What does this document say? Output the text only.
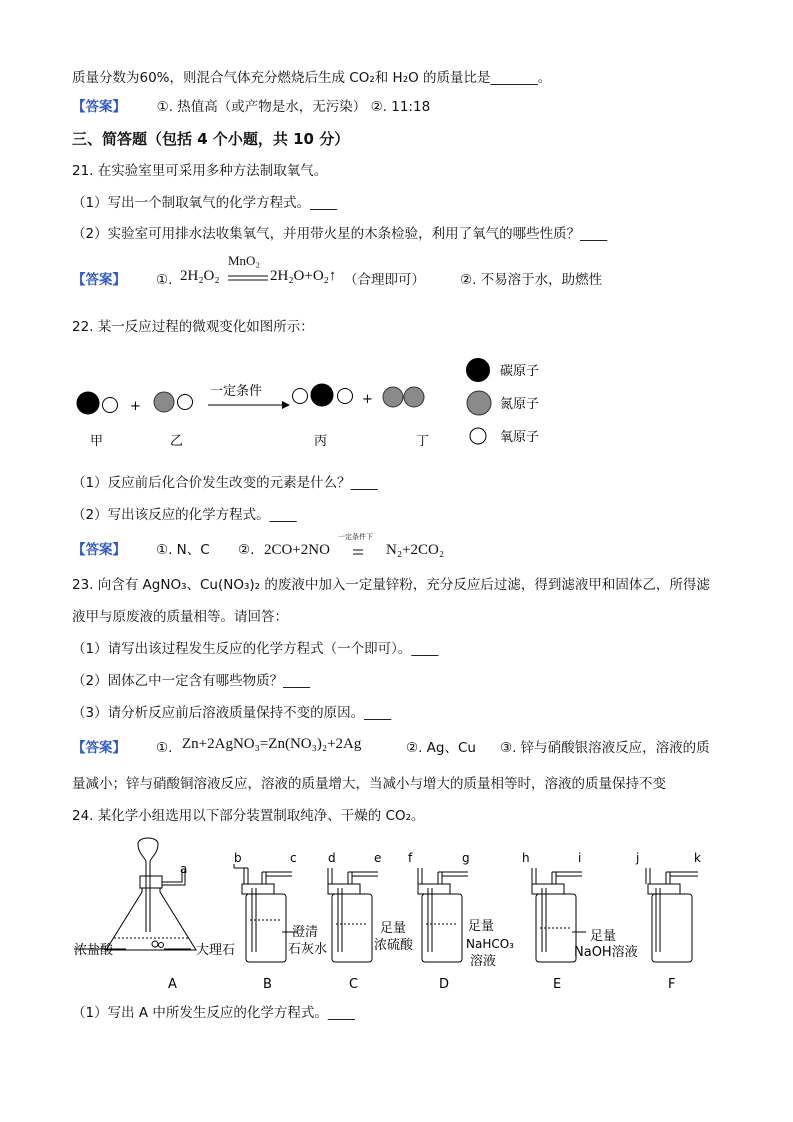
质量分数为60%，则混合气体充分燃烧后生成 CO₂和 H₂O 的质量比是_______。
【答案】 ①. 热值高（或产物是水，无污染） ②. 11:18
三、简答题（包括 4 个小题，共 10 分）
21. 在实验室里可采用多种方法制取氧气。
（1）写出一个制取氧气的化学方程式。____
（2）实验室可用排水法收集氧气，并用带火星的木条检验，利用了氧气的哪些性质？____
【答案】 ①. 2H₂O₂
MnO₂
2H₂O+O₂↑ （合理即可）	②. 不易溶于水，助燃性
22. 某一反应过程的微观变化如图所示：
+
一定条件
+
甲	乙	丙	丁
碳原子
氮原子
氧原子
（1）反应前后化合价发生改变的元素是什么？____
（2）写出该反应的化学方程式。____
【答案】 ①. N、C ②. 2CO+2NO
一定条件下
N₂+2CO₂
23. 向含有 AgNO₃、Cu(NO₃)₂ 的废液中加入一定量锌粉，充分反应后过滤，得到滤液甲和固体乙，所得滤
液甲与原废液的质量相等。请回答：
（1）请写出该过程发生反应的化学方程式（一个即可）。____
（2）固体乙中一定含有哪些物质？____
（3）请分析反应前后溶液质量保持不变的原因。____
【答案】 ①. Zn+2AgNO₃=Zn(NO₃)₂+2Ag	②. Ag、Cu ③. 锌与硝酸银溶液反应，溶液的质
量减小；锌与硝酸铜溶液反应，溶液的质量增大，当减小与增大的质量相等时，溶液的质量保持不变
24. 某化学小组选用以下部分装置制取纯净、干燥的 CO₂。
a
b	c	d	e f	g	h	i	j	k
浓盐酸	大理石
澄清
石灰水
足量
浓硫酸
足量
NaHCO₃
溶液
足量
NaOH溶液
A	B	C	D	E	F
（1）写出 A 中所发生反应的化学方程式。____
